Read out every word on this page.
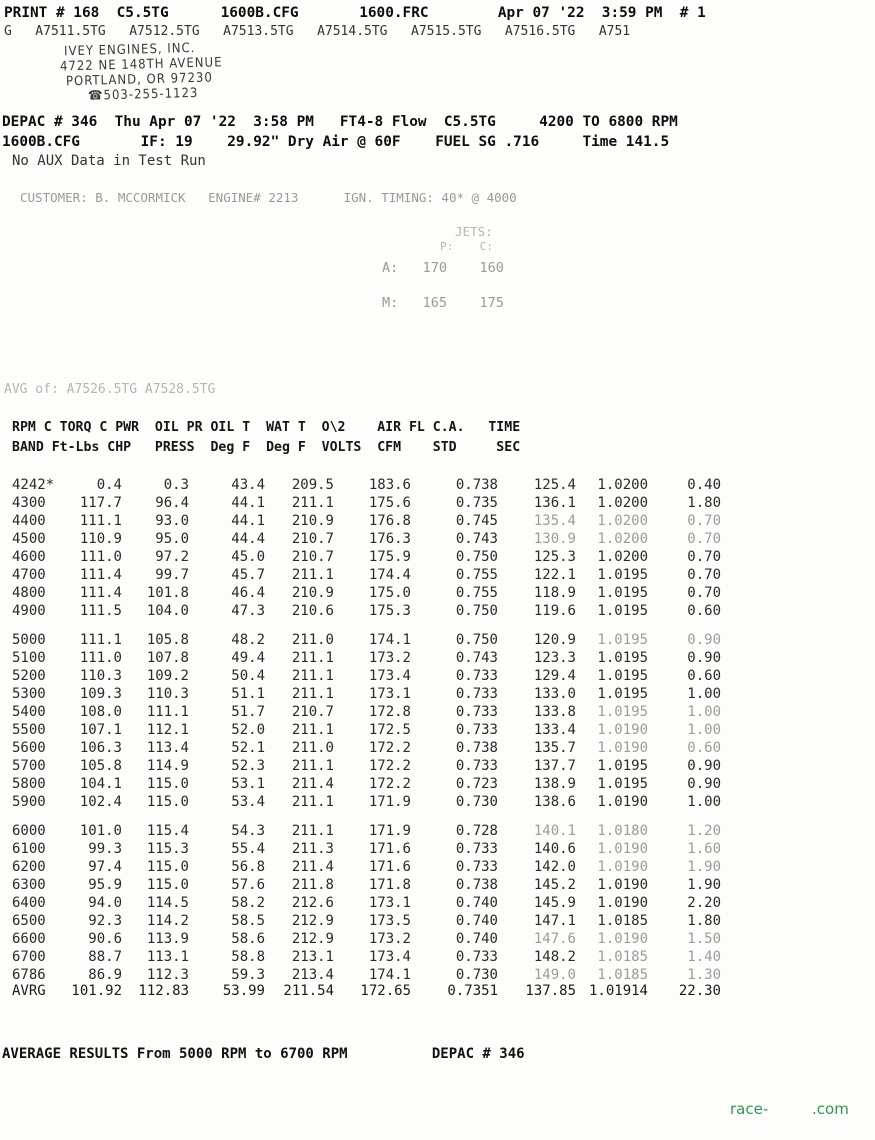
PRINT # 168  C5.5TG      1600B.CFG       1600.FRC        Apr 07 '22  3:59 PM  # 1
G   A7511.5TG   A7512.5TG   A7513.5TG   A7514.5TG   A7515.5TG   A7516.5TG   A751
IVEY ENGINES, INC.
4722 NE 148TH AVENUE
PORTLAND, OR 97230
☎503-255-1123
DEPAC # 346  Thu Apr 07 '22  3:58 PM   FT4-8 Flow  C5.5TG     4200 TO 6800 RPM
1600B.CFG       IF: 19    29.92" Dry Air @ 60F    FUEL SG .716     Time 141.5
No AUX Data in Test Run
CUSTOMER: B. MCCORMICK   ENGINE# 2213      IGN. TIMING: 40* @ 4000
JETS:
P:    C:
A:   170    160
M:   165    175
AVG of: A7526.5TG A7528.5TG
RPM C TORQ C PWR  OIL PR OIL T  WAT T  O\2    AIR FL C.A.   TIME
BAND Ft-Lbs CHP   PRESS  Deg F  Deg F  VOLTS  CFM    STD     SEC
4242*	0.4	0.3	43.4	209.5	183.6	0.738	125.4	1.0200	0.40
4300	117.7	96.4	44.1	211.1	175.6	0.735	136.1	1.0200	1.80
4400	111.1	93.0	44.1	210.9	176.8	0.745	135.4	1.0200	0.70
4500	110.9	95.0	44.4	210.7	176.3	0.743	130.9	1.0200	0.70
4600	111.0	97.2	45.0	210.7	175.9	0.750	125.3	1.0200	0.70
4700	111.4	99.7	45.7	211.1	174.4	0.755	122.1	1.0195	0.70
4800	111.4	101.8	46.4	210.9	175.0	0.755	118.9	1.0195	0.70
4900	111.5	104.0	47.3	210.6	175.3	0.750	119.6	1.0195	0.60
5000	111.1	105.8	48.2	211.0	174.1	0.750	120.9	1.0195	0.90
5100	111.0	107.8	49.4	211.1	173.2	0.743	123.3	1.0195	0.90
5200	110.3	109.2	50.4	211.1	173.4	0.733	129.4	1.0195	0.60
5300	109.3	110.3	51.1	211.1	173.1	0.733	133.0	1.0195	1.00
5400	108.0	111.1	51.7	210.7	172.8	0.733	133.8	1.0195	1.00
5500	107.1	112.1	52.0	211.1	172.5	0.733	133.4	1.0190	1.00
5600	106.3	113.4	52.1	211.0	172.2	0.738	135.7	1.0190	0.60
5700	105.8	114.9	52.3	211.1	172.2	0.733	137.7	1.0195	0.90
5800	104.1	115.0	53.1	211.4	172.2	0.723	138.9	1.0195	0.90
5900	102.4	115.0	53.4	211.1	171.9	0.730	138.6	1.0190	1.00
6000	101.0	115.4	54.3	211.1	171.9	0.728	140.1	1.0180	1.20
6100	99.3	115.3	55.4	211.3	171.6	0.733	140.6	1.0190	1.60
6200	97.4	115.0	56.8	211.4	171.6	0.733	142.0	1.0190	1.90
6300	95.9	115.0	57.6	211.8	171.8	0.738	145.2	1.0190	1.90
6400	94.0	114.5	58.2	212.6	173.1	0.740	145.9	1.0190	2.20
6500	92.3	114.2	58.5	212.9	173.5	0.740	147.1	1.0185	1.80
6600	90.6	113.9	58.6	212.9	173.2	0.740	147.6	1.0190	1.50
6700	88.7	113.1	58.8	213.1	173.4	0.733	148.2	1.0185	1.40
6786	86.9	112.3	59.3	213.4	174.1	0.730	149.0	1.0185	1.30
AVRG	101.92	112.83	53.99	211.54	172.65	0.7351	137.85 1.01914	22.30
AVERAGE RESULTS From 5000 RPM to 6700 RPM          DEPAC # 346
race-	.com
